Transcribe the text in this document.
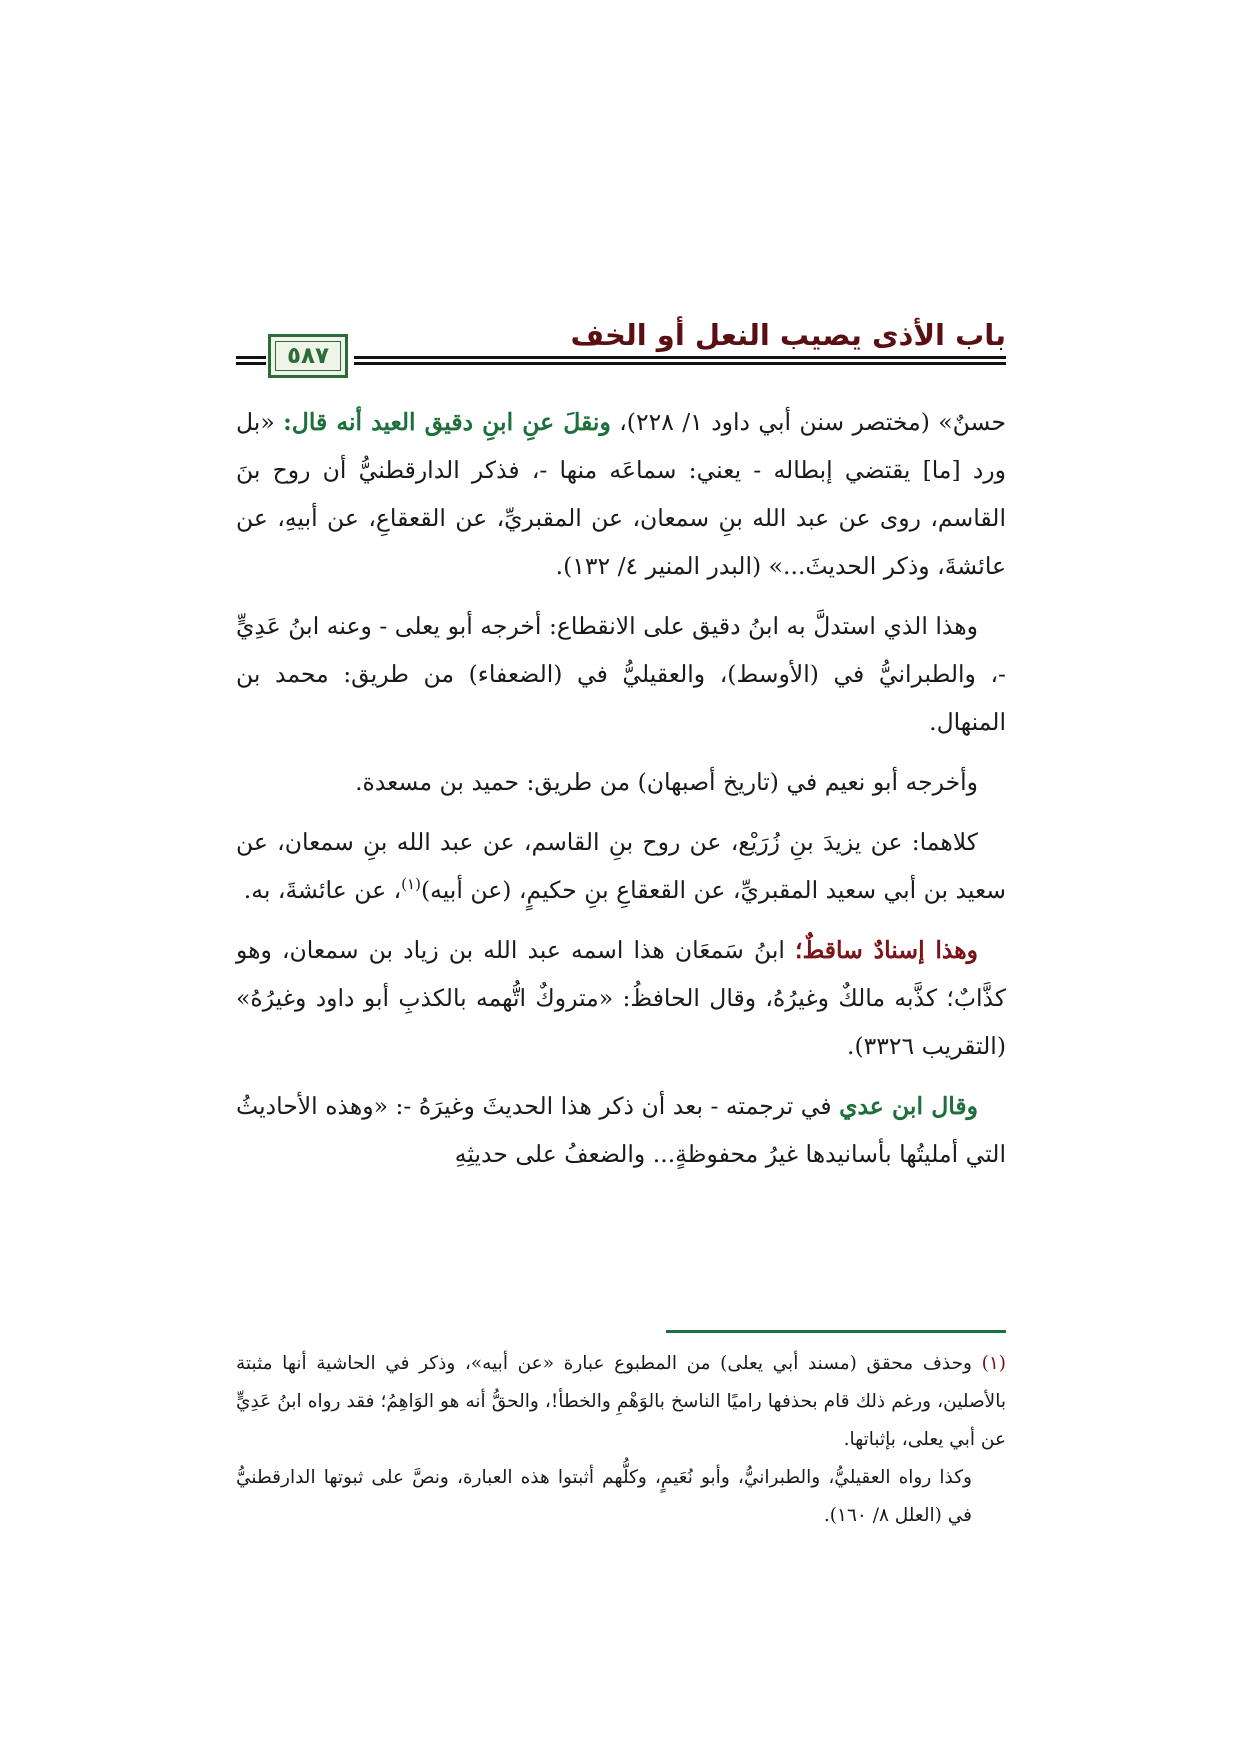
٥٨٧
باب الأذى يصيب النعل أو الخف

حسنٌ» (مختصر سنن أبي داود ١/ ٢٢٨)، ونقلَ عنِ ابنِ دقيق العيد أنه قال: «بل ورد [ما] يقتضي إبطاله - يعني: سماعَه منها -، فذكر الدارقطنيُّ أن روح بنَ القاسم، روى عن عبد الله بنِ سمعان، عن المقبريِّ، عن القعقاعِ، عن أبيهِ، عن عائشةَ، وذكر الحديثَ...» (البدر المنير ٤/ ١٣٢).

وهذا الذي استدلَّ به ابنُ دقيق على الانقطاع: أخرجه أبو يعلى - وعنه ابنُ عَدِيٍّ -، والطبرانيُّ في (الأوسط)، والعقيليُّ في (الضعفاء) من طريق: محمد بن المنهال.

وأخرجه أبو نعيم في (تاريخ أصبهان) من طريق: حميد بن مسعدة.

كلاهما: عن يزيدَ بنِ زُرَيْع، عن روح بنِ القاسم، عن عبد الله بنِ سمعان، عن سعيد بن أبي سعيد المقبريِّ، عن القعقاعِ بنِ حكيمٍ، (عن أبيه)$^{(١)}$، عن عائشةَ، به.

وهذا إسنادٌ ساقطٌ؛ ابنُ سَمعَان هذا اسمه عبد الله بن زياد بن سمعان، وهو كذَّابٌ؛ كذَّبه مالكٌ وغيرُهُ، وقال الحافظُ: «متروكٌ اتُّهمه بالكذبِ أبو داود وغيرُهُ» (التقريب ٣٣٢٦).

وقال ابن عدي في ترجمته - بعد أن ذكر هذا الحديثَ وغيرَهُ -: «وهذه الأحاديثُ التي أمليتُها بأسانيدها غيرُ محفوظةٍ... والضعفُ على حديثِهِ

(١) وحذف محقق (مسند أبي يعلى) من المطبوع عبارة «عن أبيه»، وذكر في الحاشية أنها مثبتة بالأصلين، ورغم ذلك قام بحذفها راميًا الناسخ بالوَهْمِ والخطأ!، والحقُّ أنه هو الوَاهِمُ؛ فقد رواه ابنُ عَدِيٍّ عن أبي يعلى، بإثباتها.

وكذا رواه العقيليُّ، والطبرانيُّ، وأبو نُعَيمٍ، وكلُّهم أثبتوا هذه العبارة، ونصَّ على ثبوتها الدارقطنيُّ في (العلل ٨/ ١٦٠).
